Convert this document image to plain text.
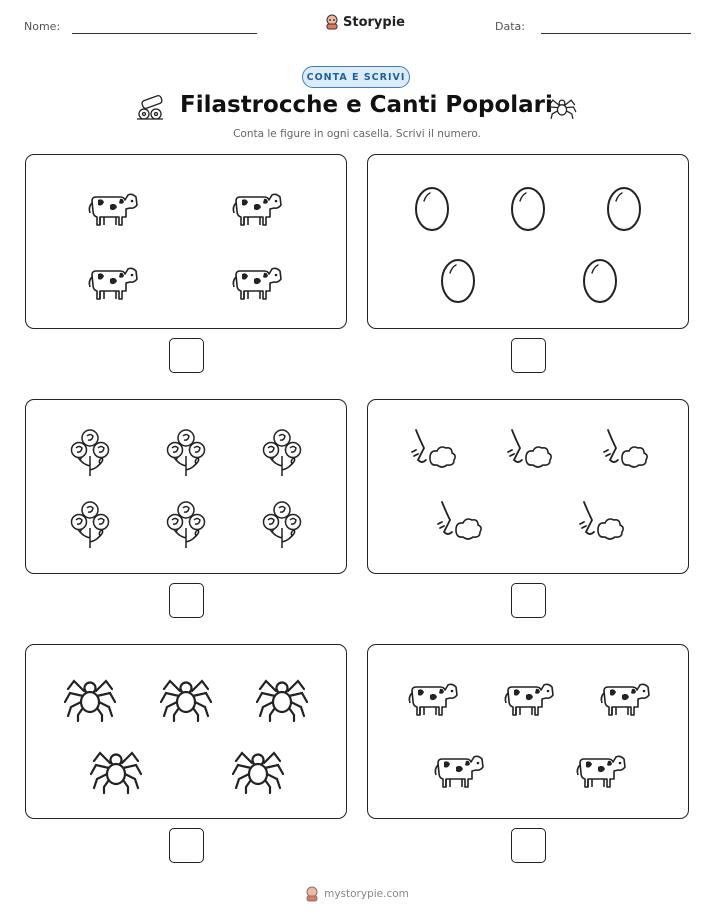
Nome:	Storypie	Data:
CONTA E SCRIVI
Filastrocche e Canti Popolari
Conta le figure in ogni casella. Scrivi il numero.
mystorypie.com
